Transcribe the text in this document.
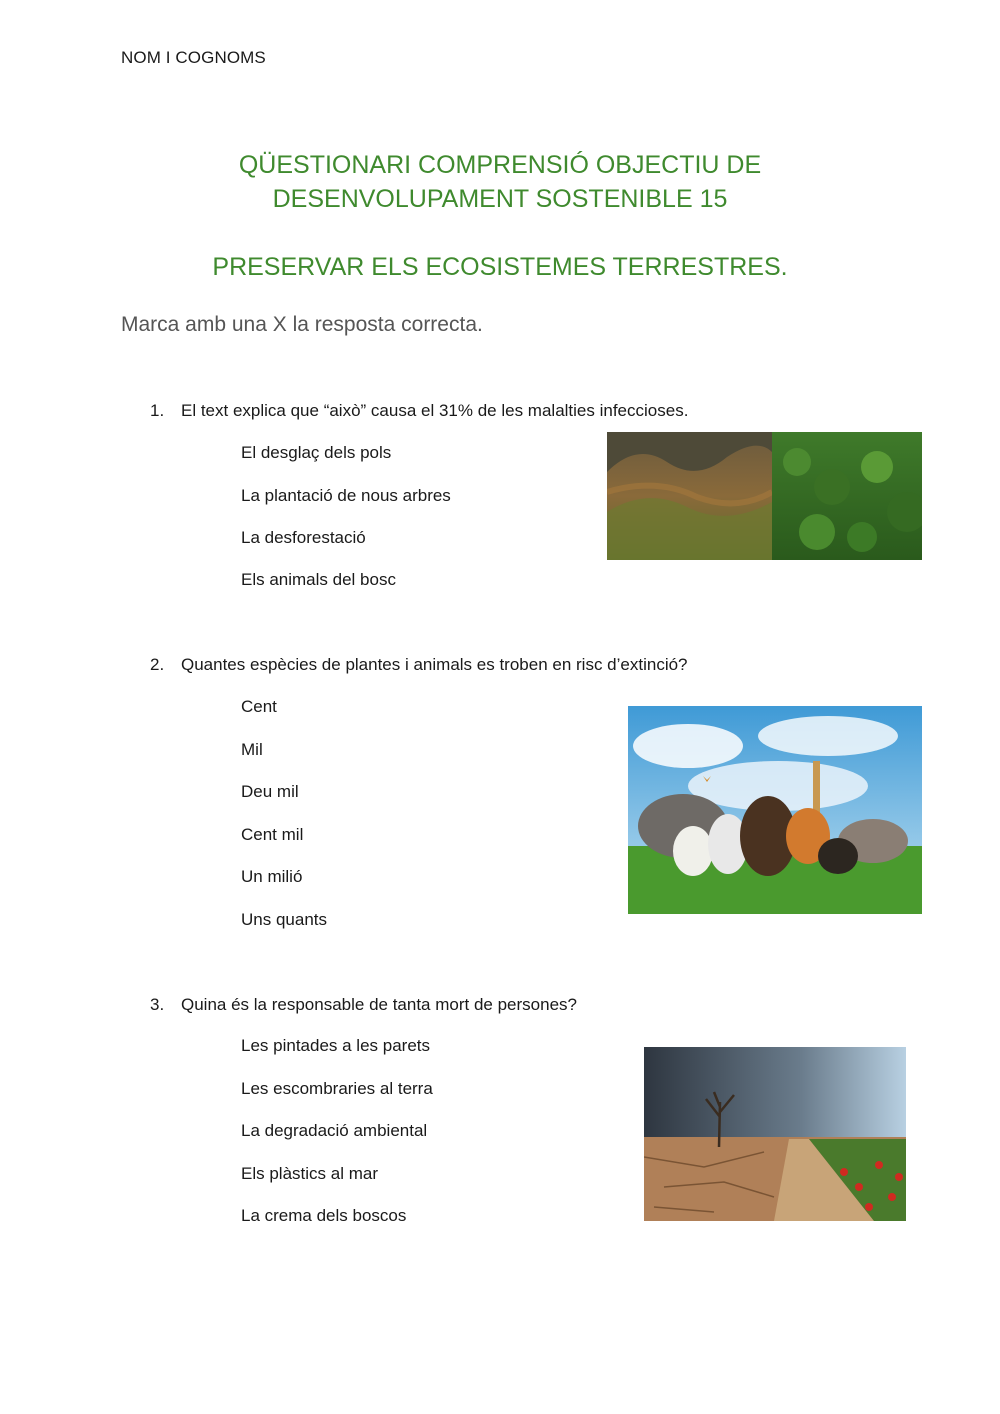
NOM I COGNOMS
QÜESTIONARI COMPRENSIÓ OBJECTIU DE
DESENVOLUPAMENT SOSTENIBLE 15
PRESERVAR ELS ECOSISTEMES TERRESTRES.
Marca amb una X la resposta correcta.
1. El text explica que “això” causa el 31% de les malalties infeccioses.
El desglaç dels pols
La plantació de nous arbres
La desforestació
Els animals del bosc
2. Quantes espècies de plantes i animals es troben en risc d’extinció?
Cent
Mil
Deu mil
Cent mil
Un milió
Uns quants
3. Quina és la responsable de tanta mort de persones?
Les pintades a les parets
Les escombraries al terra
La degradació ambiental
Els plàstics al mar
La crema dels boscos
